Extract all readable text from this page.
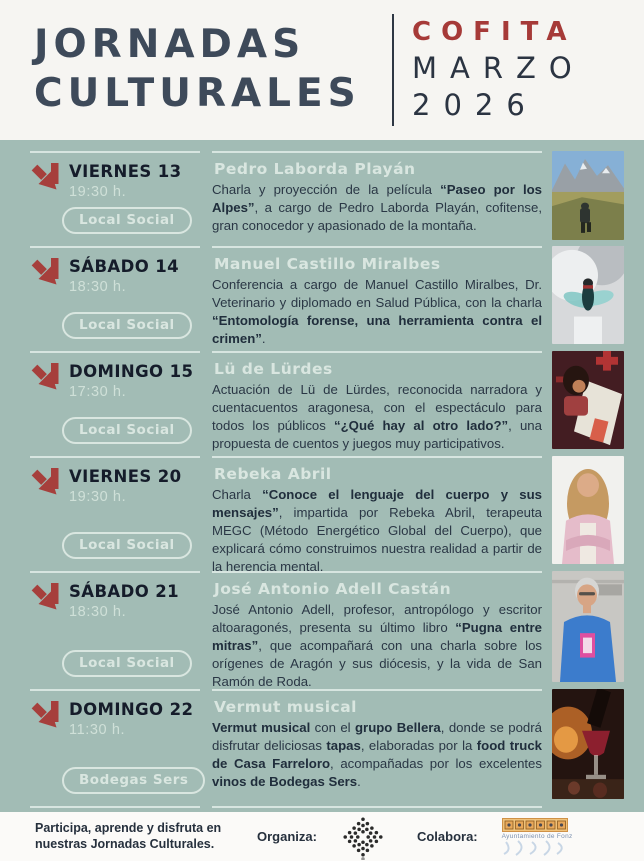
JORNADAS
CULTURALES
COFITA
MARZO
2026
VIERNES 13
19:30 h.
Local Social
Pedro Laborda Playán

Charla y proyección de la película “Paseo por los Alpes”, a cargo de Pedro Laborda Playán, cofitense, gran conocedor y apasionado de la montaña.

SÁBADO 14
18:30 h.
Local Social
Manuel Castillo Miralbes

Conferencia a cargo de Manuel Castillo Miralbes, Dr. Veterinario y diplomado en Salud Pública, con la charla “Entomología forense, una herramienta contra el crimen”.

DOMINGO 15
17:30 h.
Local Social
Lü de Lürdes

Actuación de Lü de Lürdes, reconocida narradora y cuentacuentos aragonesa, con el espectáculo para todos los públicos “¿Qué hay al otro lado?”, una propuesta de cuentos y juegos muy participativos.

VIERNES 20
19:30 h.
Local Social
Rebeka Abril

Charla “Conoce el lenguaje del cuerpo y sus mensajes”, impartida por Rebeka Abril, terapeuta MEGC (Método Energético Global del Cuerpo), que explicará cómo construimos nuestra realidad a partir de la herencia mental.

SÁBADO 21
18:30 h.
Local Social
José Antonio Adell Castán

José Antonio Adell, profesor, antropólogo y escritor altoaragonés, presenta su último libro “Pugna entre mitras”, que acompañará con una charla sobre los orígenes de Aragón y sus diócesis, y la vida de San Ramón de Roda.

DOMINGO 22
11:30 h.
Bodegas Sers
Vermut musical

Vermut musical con el grupo Bellera, donde se podrá disfrutar deliciosas tapas, elaboradas por la food truck de Casa Farreloro, acompañadas por los excelentes vinos de Bodegas Sers.

Participa, aprende y disfruta en nuestras Jornadas Culturales.	Organiza:	Colabora:	Ayuntamiento de Fonz
